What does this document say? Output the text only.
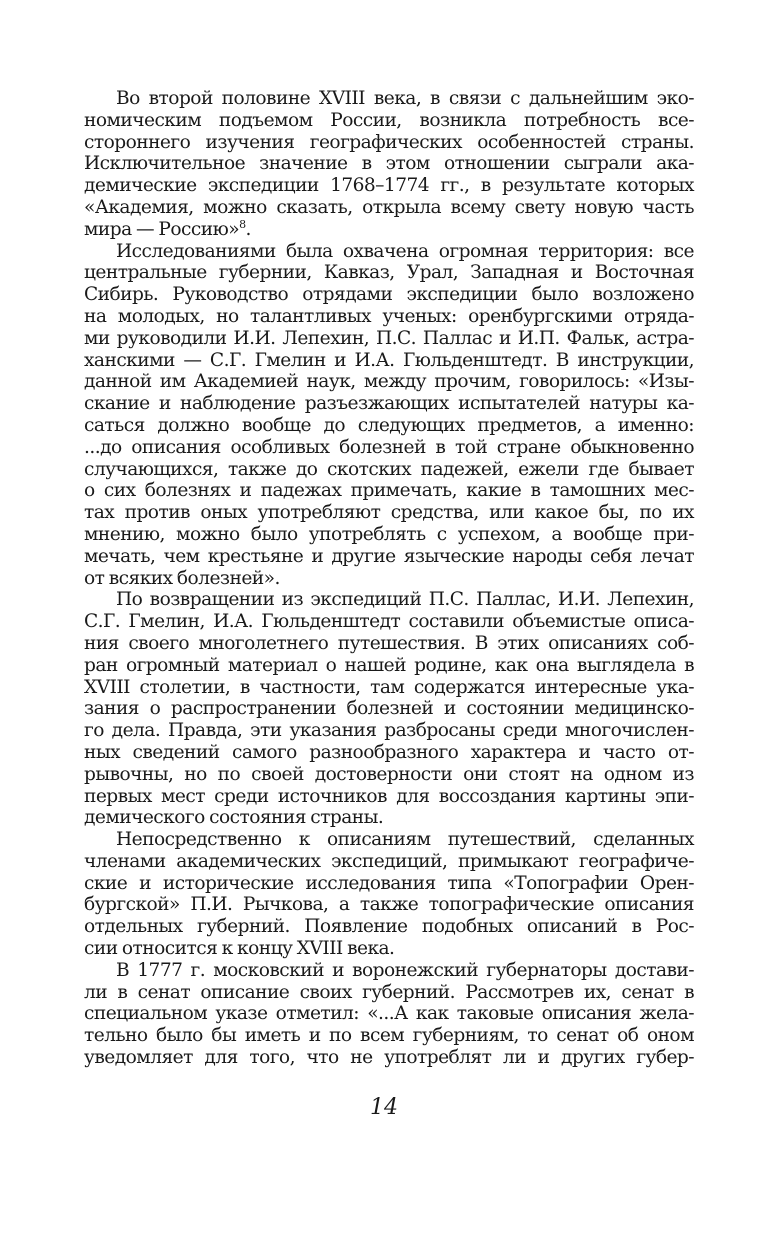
Во второй половине XVIII века, в связи с дальнейшим эко-
номическим подъемом России, возникла потребность все-
стороннего изучения географических особенностей страны.
Исключительное значение в этом отношении сыграли ака-
демические экспедиции 1768–1774 гг., в результате которых
«Академия, можно сказать, открыла всему свету новую часть
мира — Россию»$^8$.
Исследованиями была охвачена огромная территория: все
центральные губернии, Кавказ, Урал, Западная и Восточная
Сибирь. Руководство отрядами экспедиции было возложено
на молодых, но талантливых ученых: оренбургскими отряда-
ми руководили И.И. Лепехин, П.С. Паллас и И.П. Фальк, астра-
ханскими — С.Г. Гмелин и И.А. Гюльденштедт. В инструкции,
данной им Академией наук, между прочим, говорилось: «Изы-
скание и наблюдение разъезжающих испытателей натуры ка-
саться должно вообще до следующих предметов, а именно:
...до описания особливых болезней в той стране обыкновенно
случающихся, также до скотских падежей, ежели где бывает
о сих болезнях и падежах примечать, какие в тамошних мес-
тах против оных употребляют средства, или какое бы, по их
мнению, можно было употреблять с успехом, а вообще при-
мечать, чем крестьяне и другие языческие народы себя лечат
от всяких болезней».
По возвращении из экспедиций П.С. Паллас, И.И. Лепехин,
С.Г. Гмелин, И.А. Гюльденштедт составили объемистые описа-
ния своего многолетнего путешествия. В этих описаниях соб-
ран огромный материал о нашей родине, как она выглядела в
XVIII столетии, в частности, там содержатся интересные ука-
зания о распространении болезней и состоянии медицинско-
го дела. Правда, эти указания разбросаны среди многочислен-
ных сведений самого разнообразного характера и часто от-
рывочны, но по своей достоверности они стоят на одном из
первых мест среди источников для воссоздания картины эпи-
демического состояния страны.
Непосредственно к описаниям путешествий, сделанных
членами академических экспедиций, примыкают географиче-
ские и исторические исследования типа «Топографии Орен-
бургской» П.И. Рычкова, а также топографические описания
отдельных губерний. Появление подобных описаний в Рос-
сии относится к концу XVIII века.
В 1777 г. московский и воронежский губернаторы достави-
ли в сенат описание своих губерний. Рассмотрев их, сенат в
специальном указе отметил: «...А как таковые описания жела-
тельно было бы иметь и по всем губерниям, то сенат об оном
уведомляет для того, что не употреблят ли и других губер-
14
